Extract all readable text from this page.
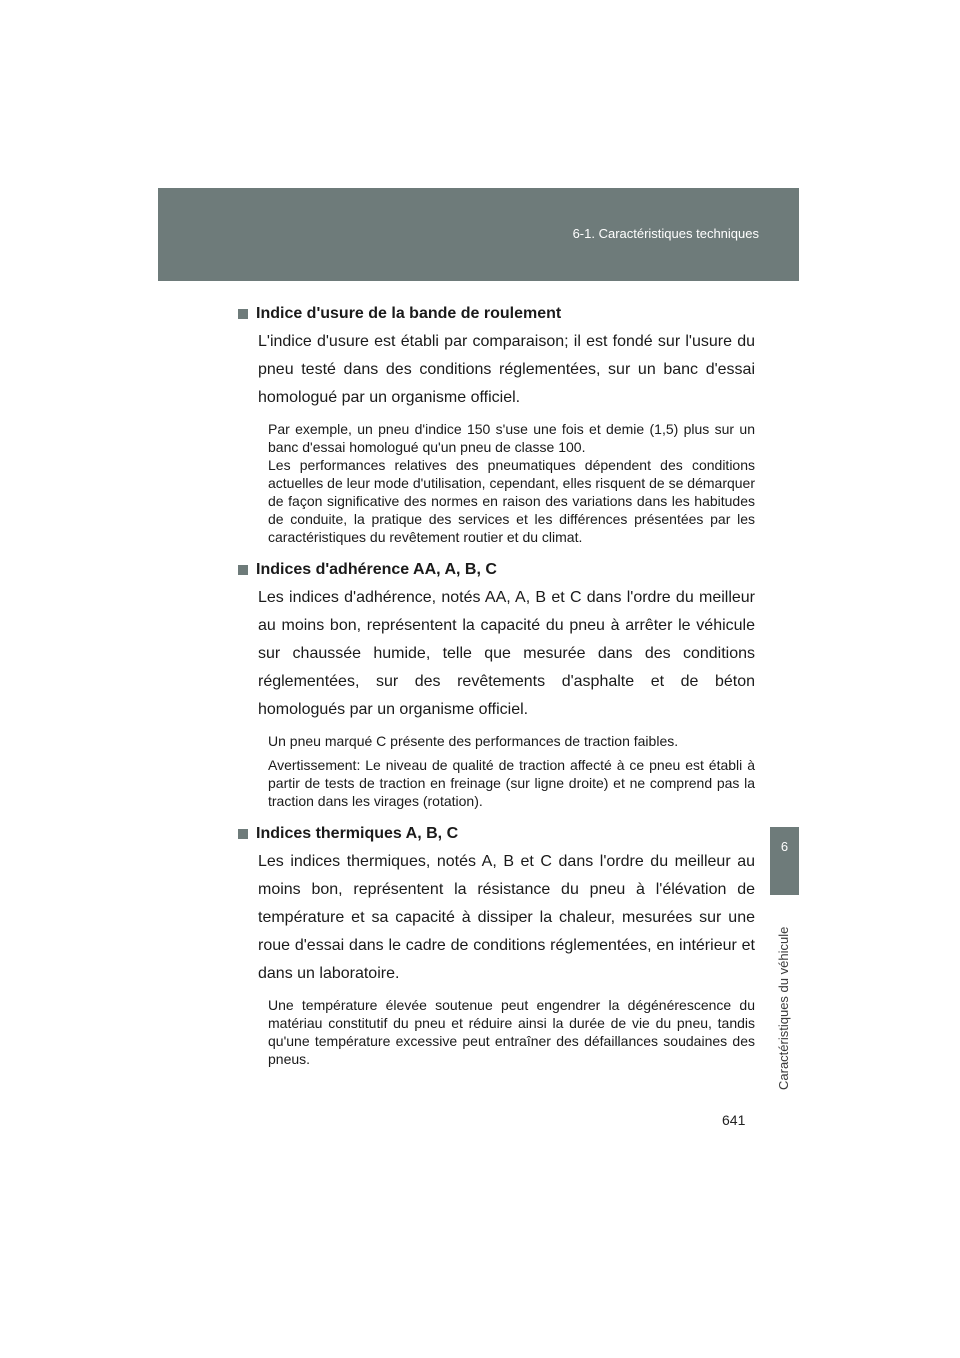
6-1. Caractéristiques techniques
6
Caractéristiques du véhicule
Indice d'usure de la bande de roulement

L'indice d'usure est établi par comparaison; il est fondé sur l'usure du pneu testé dans des conditions réglementées, sur un banc d'essai homologué par un organisme officiel.

Par exemple, un pneu d'indice 150 s'use une fois et demie (1,5) plus sur un banc d'essai homologué qu'un pneu de classe 100.

Les performances relatives des pneumatiques dépendent des conditions actuelles de leur mode d'utilisation, cependant, elles risquent de se démarquer de façon significative des normes en raison des variations dans les habitudes de conduite, la pratique des services et les différences présentées par les caractéristiques du revêtement routier et du climat.

Indices d'adhérence AA, A, B, C

Les indices d'adhérence, notés AA, A, B et C dans l'ordre du meilleur au moins bon, représentent la capacité du pneu à arrêter le véhicule sur chaussée humide, telle que mesurée dans des conditions réglementées, sur des revêtements d'asphalte et de béton homologués par un organisme officiel.

Un pneu marqué C présente des performances de traction faibles.

Avertissement: Le niveau de qualité de traction affecté à ce pneu est établi à partir de tests de traction en freinage (sur ligne droite) et ne comprend pas la traction dans les virages (rotation).

Indices thermiques A, B, C

Les indices thermiques, notés A, B et C dans l'ordre du meilleur au moins bon, représentent la résistance du pneu à l'élévation de température et sa capacité à dissiper la chaleur, mesurées sur une roue d'essai dans le cadre de conditions réglementées, en intérieur et dans un laboratoire.

Une température élevée soutenue peut engendrer la dégénérescence du matériau constitutif du pneu et réduire ainsi la durée de vie du pneu, tandis qu'une température excessive peut entraîner des défaillances soudaines des pneus.

641
